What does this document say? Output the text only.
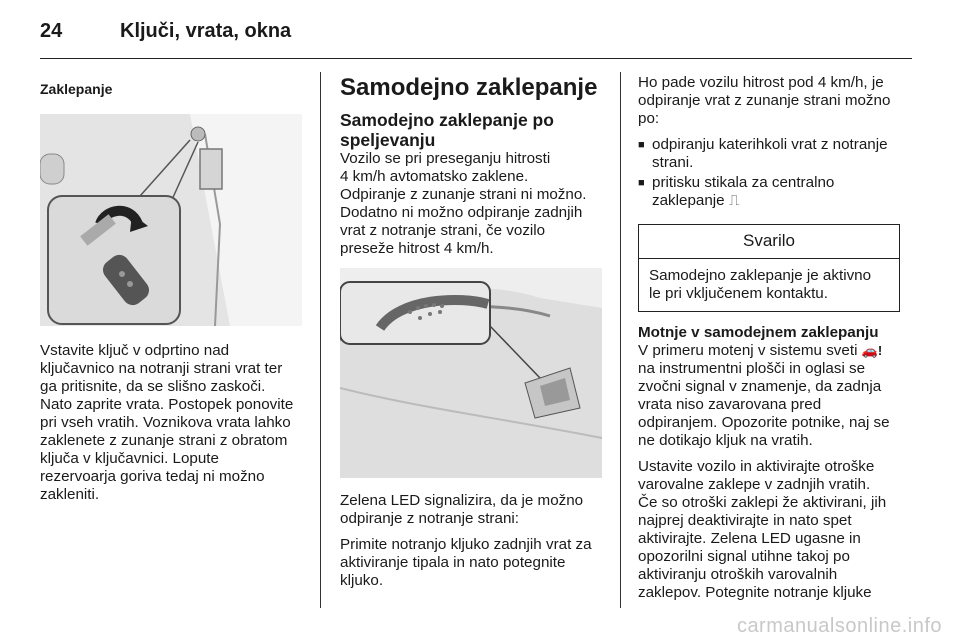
24	Ključi, vrata, okna
Zaklepanje

Vstavite ključ v odprtino nad
ključavnico na notranji strani vrat ter
ga pritisnite, da se slišno zaskoči.
Nato zaprite vrata. Postopek ponovite
pri vseh vratih. Voznikova vrata lahko
zaklenete z zunanje strani z obratom
ključa v ključavnici. Lopute
rezervoarja goriva tedaj ni možno
zakleniti.

Samodejno zaklepanje
Samodejno zaklepanje po
speljevanju

Vozilo se pri preseganju hitrosti
4 km/h avtomatsko zaklene.
Odpiranje z zunanje strani ni možno.
Dodatno ni možno odpiranje zadnjih
vrat z notranje strani, če vozilo
preseže hitrost 4 km/h.

Zelena LED signalizira, da je možno
odpiranje z notranje strani:

Primite notranjo kljuko zadnjih vrat za
aktiviranje tipala in nato potegnite
kljuko.

Ho pade vozilu hitrost pod 4 km/h, je
odpiranje vrat z zunanje strani možno
po:

■ odpiranju katerihkoli vrat z notranje
strani.
■ pritisku stikala za centralno
zaklepanje ⎍
Svarilo
Samodejno zaklepanje je aktivno
le pri vključenem kontaktu.
Motnje v samodejnem zaklepanju

V primeru motenj v sistemu sveti 🚗!
na instrumentni plošči in oglasi se
zvočni signal v znamenje, da zadnja
vrata niso zavarovana pred
odpiranjem. Opozorite potnike, naj se
ne dotikajo kljuk na vratih.

Ustavite vozilo in aktivirajte otroške
varovalne zaklepe v zadnjih vratih.
Če so otroški zaklepi že aktivirani, jih
najprej deaktivirajte in nato spet
aktivirajte. Zelena LED ugasne in
opozorilni signal utihne takoj po
aktiviranju otroških varovalnih
zaklepov. Potegnite notranje kljuke

carmanualsonline.info
